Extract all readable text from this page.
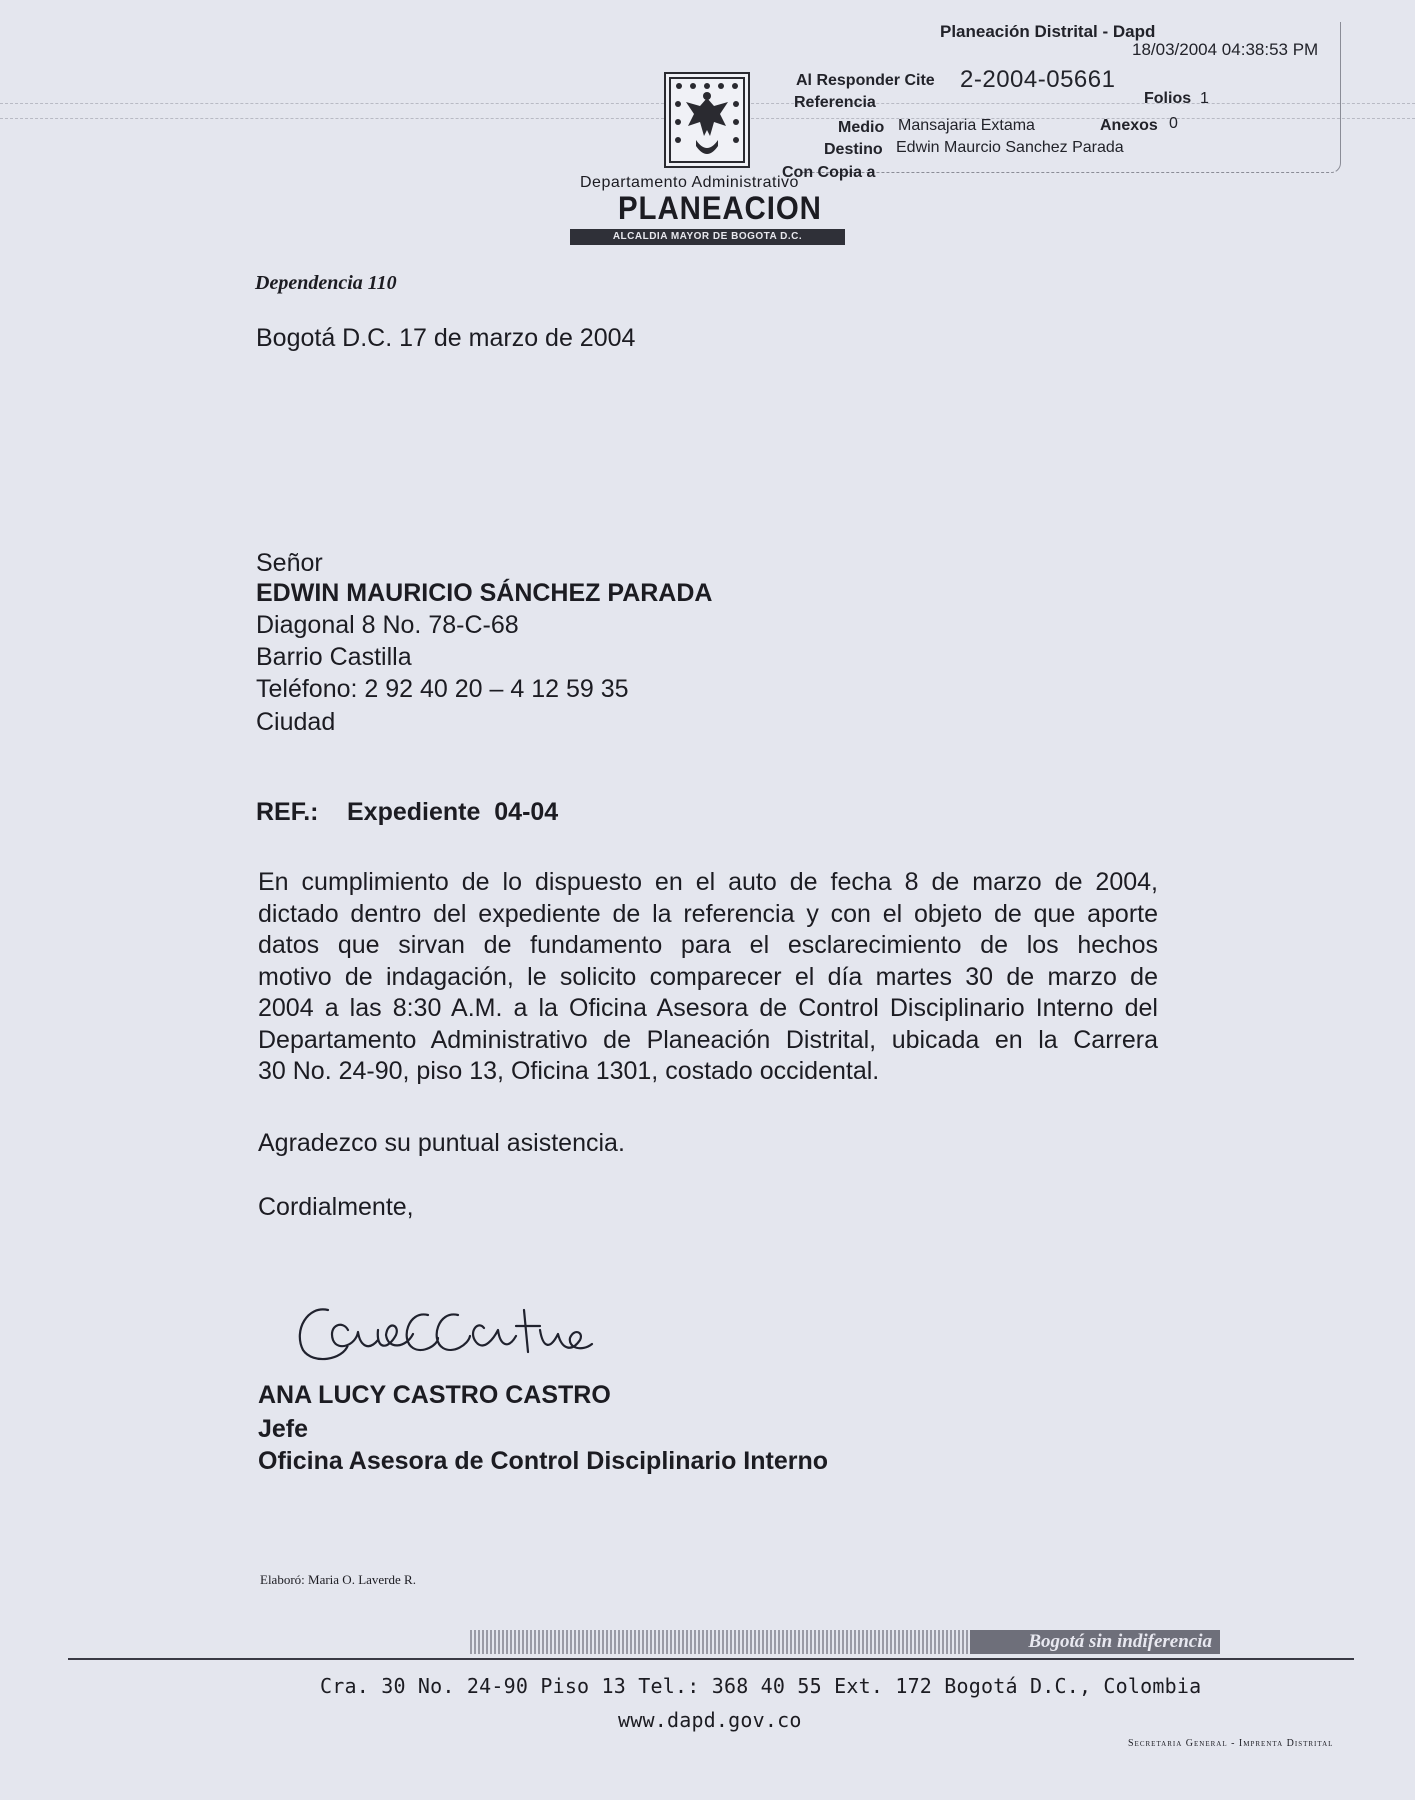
Planeación Distrital - Dapd
18/03/2004 04:38:53 PM
Al Responder Cite 2-2004-05661
Referencia	Folios 1
Medio Mansajaria Extama	Anexos 0
Destino Edwin Maurcio Sanchez Parada
Con Copia a
Departamento Administrativo
PLANEACION
ALCALDIA MAYOR DE BOGOTA D.C.
Dependencia 110
Bogotá D.C. 17 de marzo de 2004
Señor
EDWIN MAURICIO SÁNCHEZ PARADA
Diagonal 8 No. 78-C-68
Barrio Castilla
Teléfono: 2 92 40 20 – 4 12 59 35
Ciudad
REF.: Expediente  04-04
En cumplimiento de lo dispuesto en el auto de fecha 8 de marzo de 2004,
dictado dentro del expediente de la referencia y con el objeto de que aporte
datos que sirvan de fundamento para el esclarecimiento de los hechos
motivo de indagación, le solicito comparecer el día martes 30 de marzo de
2004 a las 8:30 A.M. a la Oficina Asesora de Control Disciplinario Interno del
Departamento Administrativo de Planeación Distrital, ubicada en la Carrera
30 No. 24-90, piso 13, Oficina 1301, costado occidental.
Agradezco su puntual asistencia.
Cordialmente,
ANA LUCY CASTRO CASTRO
Jefe
Oficina Asesora de Control Disciplinario Interno
Elaboró: Maria O. Laverde R.
Bogotá sin indiferencia
Cra. 30 No. 24-90 Piso 13 Tel.: 368 40 55 Ext. 172 Bogotá D.C., Colombia
www.dapd.gov.co
Secretaria General - Imprenta Distrital
